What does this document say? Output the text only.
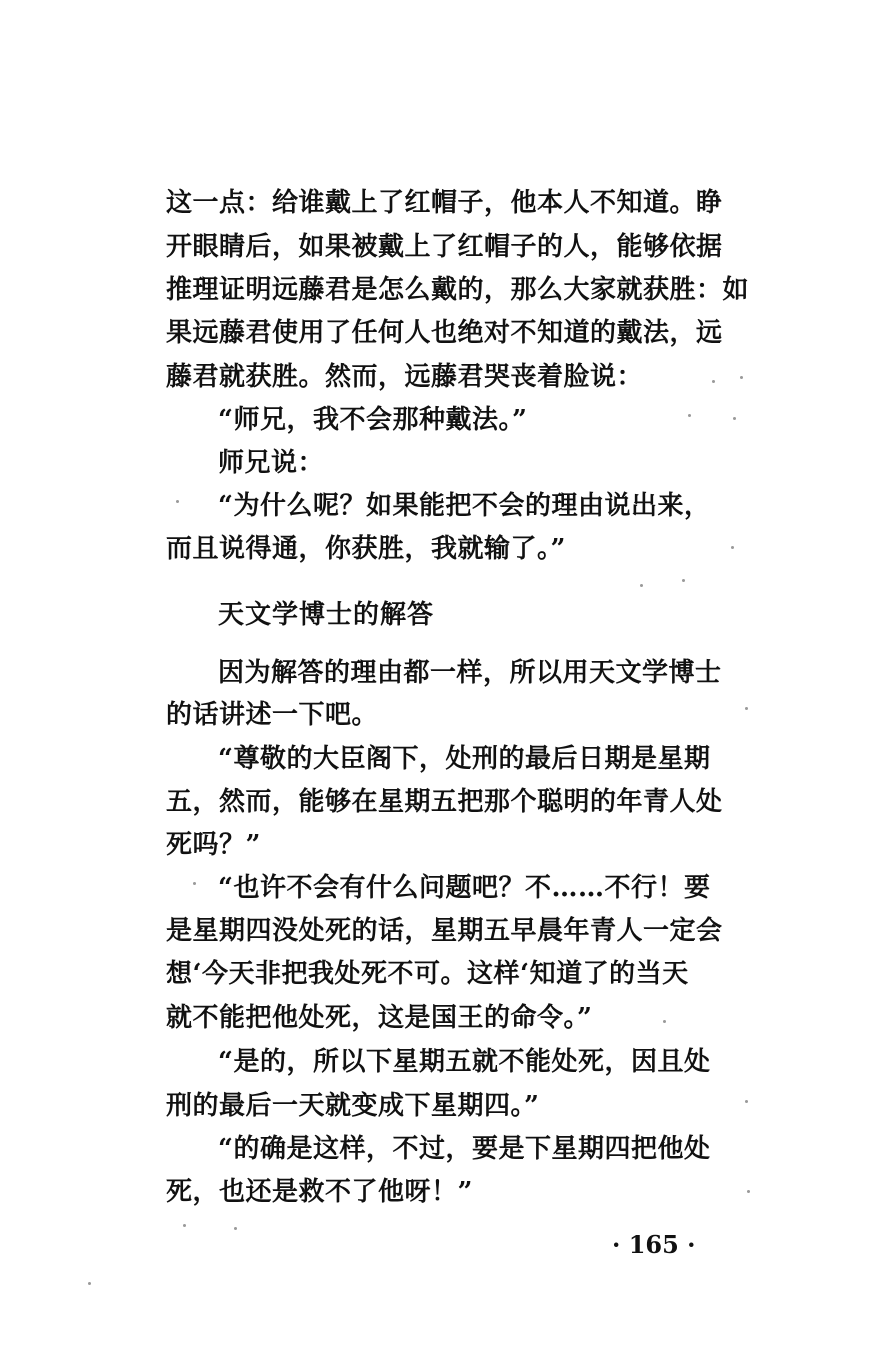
这一点：给谁戴上了红帽子，他本人不知道。睁
开眼睛后，如果被戴上了红帽子的人，能够依据
推理证明远藤君是怎么戴的，那么大家就获胜：如
果远藤君使用了任何人也绝对不知道的戴法，远
藤君就获胜。然而，远藤君哭丧着脸说：
“师兄，我不会那种戴法。”
师兄说：
“为什么呢？如果能把不会的理由说出来，
而且说得通，你获胜，我就输了。”
天文学博士的解答
因为解答的理由都一样，所以用天文学博士
的话讲述一下吧。
“尊敬的大臣阁下，处刑的最后日期是星期
五，然而，能够在星期五把那个聪明的年青人处
死吗？”
“也许不会有什么问题吧？不……不行！要
是星期四没处死的话，星期五早晨年青人一定会
想‘今天非把我处死不可。这样‘知道了的当天
就不能把他处死，这是国王的命令。”
“是的，所以下星期五就不能处死，因且处
刑的最后一天就变成下星期四。”
“的确是这样，不过，要是下星期四把他处
死，也还是救不了他呀！”
· 165 ·
